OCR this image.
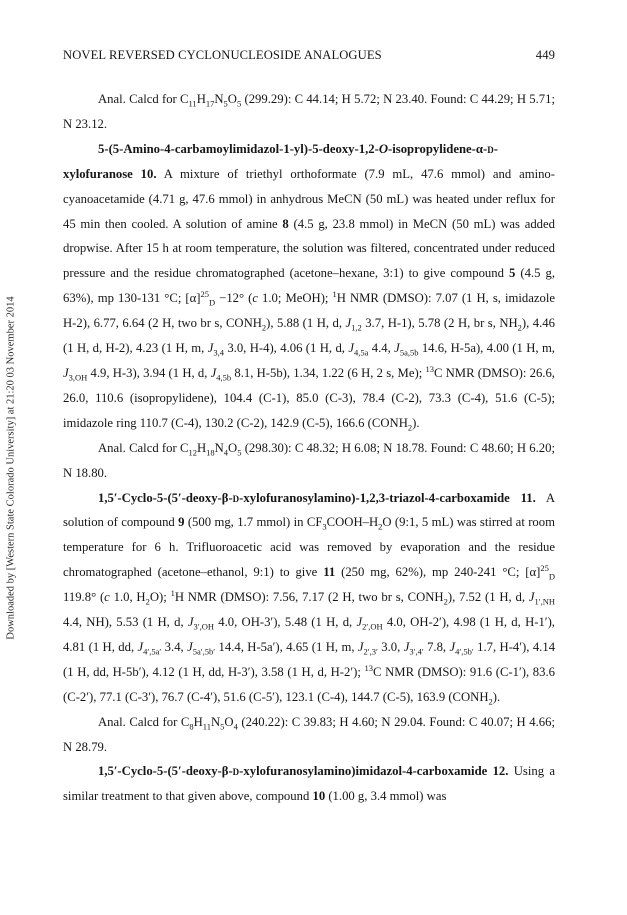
Downloaded by [Western State Colorado University] at 21:20 03 November 2014
NOVEL REVERSED CYCLONUCLEOSIDE ANALOGUES	449

Anal. Calcd for $C_{11}H_{17}N_5O_5$ (299.29): C 44.14; H 5.72; N 23.40. Found: C 44.29; H 5.71; N 23.12.

5-(5-Amino-4-carbamoylimidazol-1-yl)-5-deoxy-1,2-O-isopropylidene-α-d-xylofuranose 10. A mixture of triethyl orthoformate (7.9 mL, 47.6 mmol) and amino-cyanoacetamide (4.71 g, 47.6 mmol) in anhydrous MeCN (50 mL) was heated under reflux for 45 min then cooled. A solution of amine 8 (4.5 g, 23.8 mmol) in MeCN (50 mL) was added dropwise. After 15 h at room temperature, the solution was filtered, concentrated under reduced pressure and the residue chromatographed (acetone–hexane, 3:1) to give compound 5 (4.5 g, 63%), mp 130-131 °C; $[\alpha]^{25}_D -12^\circ$ (c 1.0; MeOH); $^1$H NMR (DMSO): 7.07 (1 H, s, imidazole H-2), 6.77, 6.64 (2 H, two br s, $CONH_2$), 5.88 (1 H, d, $J_{1,2}$ 3.7, H-1), 5.78 (2 H, br s, $NH_2$), 4.46 (1 H, d, H-2), 4.23 (1 H, m, $J_{3,4}$ 3.0, H-4), 4.06 (1 H, d, $J_{4,5a}$ 4.4, $J_{5a,5b}$ 14.6, H-5a), 4.00 (1 H, m, $J_{3,OH}$ 4.9, H-3), 3.94 (1 H, d, $J_{4,5b}$ 8.1, H-5b), 1.34, 1.22 (6 H, 2 s, Me); $^{13}$C NMR (DMSO): 26.6, 26.0, 110.6 (isopropylidene), 104.4 (C-1), 85.0 (C-3), 78.4 (C-2), 73.3 (C-4), 51.6 (C-5); imidazole ring 110.7 (C-4), 130.2 (C-2), 142.9 (C-5), 166.6 $(CONH_2)$.

Anal. Calcd for $C_{12}H_{18}N_4O_5$ (298.30): C 48.32; H 6.08; N 18.78. Found: C 48.60; H 6.20; N 18.80.

1,5′-Cyclo-5-(5′-deoxy-β-d-xylofuranosylamino)-1,2,3-triazol-4-carboxamide 11. A solution of compound 9 (500 mg, 1.7 mmol) in $CF_3COOH-H_2O$ (9:1, 5 mL) was stirred at room temperature for 6 h. Trifluoroacetic acid was removed by evaporation and the residue chromatographed (acetone–ethanol, 9:1) to give 11 (250 mg, 62%), mp 240-241 °C; $[\alpha]^{25}_D$ 119.8° (c 1.0, $H_2O$); $^1$H NMR (DMSO): 7.56, 7.17 (2 H, two br s, $CONH_2$), 7.52 (1 H, d, $J_{1',NH}$ 4.4, NH), 5.53 (1 H, d, $J_{3',OH}$ 4.0, OH-3′), 5.48 (1 H, d, $J_{2',OH}$ 4.0, OH-2′), 4.98 (1 H, d, H-1′), 4.81 (1 H, dd, $J_{4',5a'}$ 3.4, $J_{5a',5b'}$ 14.4, H-5a′), 4.65 (1 H, m, $J_{2',3'}$ 3.0, $J_{3',4'}$ 7.8, $J_{4',5b'}$ 1.7, H-4′), 4.14 (1 H, dd, H-5b′), 4.12 (1 H, dd, H-3′), 3.58 (1 H, d, H-2′); $^{13}$C NMR (DMSO): 91.6 (C-1′), 83.6 (C-2′), 77.1 (C-3′), 76.7 (C-4′), 51.6 (C-5′), 123.1 (C-4), 144.7 (C-5), 163.9 $(CONH_2)$.

Anal. Calcd for $C_8H_{11}N_5O_4$ (240.22): C 39.83; H 4.60; N 29.04. Found: C 40.07; H 4.66; N 28.79.

1,5′-Cyclo-5-(5′-deoxy-β-d-xylofuranosylamino)imidazol-4-carboxamide 12. Using a similar treatment to that given above, compound 10 (1.00 g, 3.4 mmol) was
